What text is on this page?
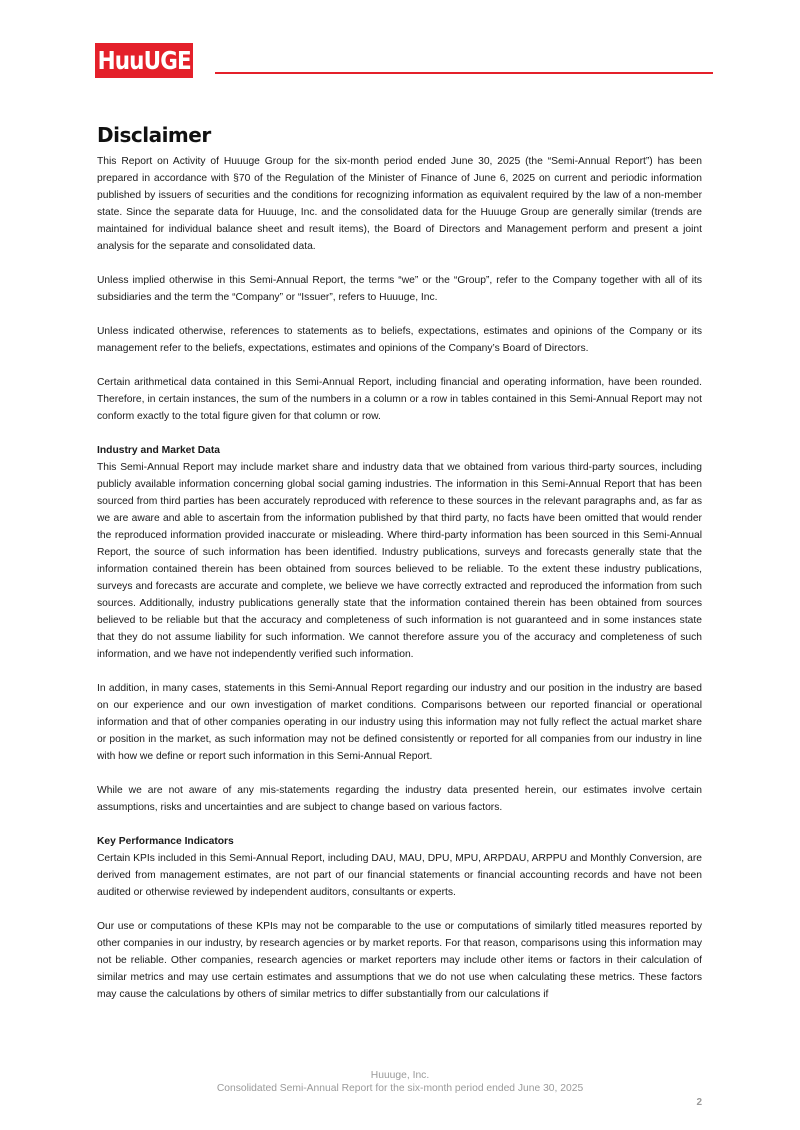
HuuUGE
Disclaimer

This Report on Activity of Huuuge Group for the six-month period ended June 30, 2025 (the “Semi-Annual Report”) has been prepared in accordance with §70 of the Regulation of the Minister of Finance of June 6, 2025 on current and periodic information published by issuers of securities and the conditions for recognizing information as equivalent required by the law of a non-member state. Since the separate data for Huuuge, Inc. and the consolidated data for the Huuuge Group are generally similar (trends are maintained for individual balance sheet and result items), the Board of Directors and Management perform and present a joint analysis for the separate and consolidated data.

Unless implied otherwise in this Semi-Annual Report, the terms “we” or the “Group”, refer to the Company together with all of its subsidiaries and the term the “Company” or “Issuer”, refers to Huuuge, Inc.

Unless indicated otherwise, references to statements as to beliefs, expectations, estimates and opinions of the Company or its management refer to the beliefs, expectations, estimates and opinions of the Company’s Board of Directors.

Certain arithmetical data contained in this Semi-Annual Report, including financial and operating information, have been rounded. Therefore, in certain instances, the sum of the numbers in a column or a row in tables contained in this Semi-Annual Report may not conform exactly to the total figure given for that column or row.

Industry and Market Data

This Semi-Annual Report may include market share and industry data that we obtained from various third-party sources, including publicly available information concerning global social gaming industries. The information in this Semi-Annual Report that has been sourced from third parties has been accurately reproduced with reference to these sources in the relevant paragraphs and, as far as we are aware and able to ascertain from the information published by that third party, no facts have been omitted that would render the reproduced information provided inaccurate or misleading. Where third-party information has been sourced in this Semi-Annual Report, the source of such information has been identified. Industry publications, surveys and forecasts generally state that the information contained therein has been obtained from sources believed to be reliable. To the extent these industry publications, surveys and forecasts are accurate and complete, we believe we have correctly extracted and reproduced the information from such sources. Additionally, industry publications generally state that the information contained therein has been obtained from sources believed to be reliable but that the accuracy and completeness of such information is not guaranteed and in some instances state that they do not assume liability for such information. We cannot therefore assure you of the accuracy and completeness of such information, and we have not independently verified such information.

In addition, in many cases, statements in this Semi-Annual Report regarding our industry and our position in the industry are based on our experience and our own investigation of market conditions. Comparisons between our reported financial or operational information and that of other companies operating in our industry using this information may not fully reflect the actual market share or position in the market, as such information may not be defined consistently or reported for all companies from our industry in line with how we define or report such information in this Semi-Annual Report.

While we are not aware of any mis-statements regarding the industry data presented herein, our estimates involve certain assumptions, risks and uncertainties and are subject to change based on various factors.

Key Performance Indicators

Certain KPIs included in this Semi-Annual Report, including DAU, MAU, DPU, MPU, ARPDAU, ARPPU and Monthly Conversion, are derived from management estimates, are not part of our financial statements or financial accounting records and have not been audited or otherwise reviewed by independent auditors, consultants or experts.

Our use or computations of these KPIs may not be comparable to the use or computations of similarly titled measures reported by other companies in our industry, by research agencies or by market reports. For that reason, comparisons using this information may not be reliable. Other companies, research agencies or market reporters may include other items or factors in their calculation of similar metrics and may use certain estimates and assumptions that we do not use when calculating these metrics. These factors may cause the calculations by others of similar metrics to differ substantially from our calculations if

Huuuge, Inc.
Consolidated Semi-Annual Report for the six-month period ended June 30, 2025
2
